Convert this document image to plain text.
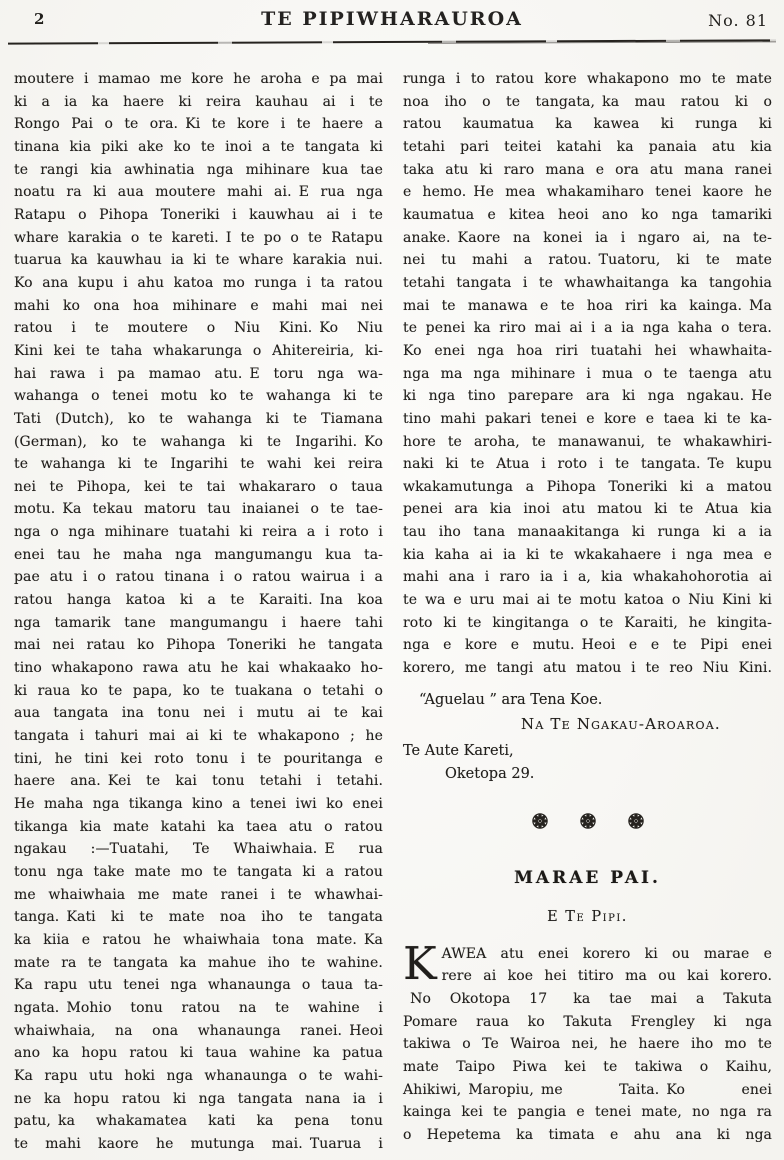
2	TE PIPIWHARAUROA	No. 81
moutere i mamao me kore he aroha e pa mai
ki a ia ka haere ki reira kauhau ai i te
Rongo Pai o te ora. Ki te kore i te haere a
tinana kia piki ake ko te inoi a te tangata ki
te rangi kia awhinatia nga mihinare kua tae
noatu ra ki aua moutere mahi ai. E rua nga
Ratapu o Pihopa Toneriki i kauwhau ai i te
whare karakia o te kareti. I te po o te Ratapu
tuarua ka kauwhau ia ki te whare karakia nui.
Ko ana kupu i ahu katoa mo runga i ta ratou
mahi ko ona hoa mihinare e mahi mai nei
ratou i te moutere o Niu Kini. Ko Niu
Kini kei te taha whakarunga o Ahitereiria, ki-
hai rawa i pa mamao atu. E toru nga wa-
wahanga o tenei motu ko te wahanga ki te
Tati (Dutch), ko te wahanga ki te Tiamana
(German), ko te wahanga ki te Ingarihi. Ko
te wahanga ki te Ingarihi te wahi kei reira
nei te Pihopa, kei te tai whakararo o taua
motu. Ka tekau matoru tau inaianei o te tae-
nga o nga mihinare tuatahi ki reira a i roto i
enei tau he maha nga mangumangu kua ta-
pae atu i o ratou tinana i o ratou wairua i a
ratou hanga katoa ki a te Karaiti. Ina koa
nga tamarik tane mangumangu i haere tahi
mai nei ratau ko Pihopa Toneriki he tangata
tino whakapono rawa atu he kai whakaako ho-
ki raua ko te papa, ko te tuakana o tetahi o
aua tangata ina tonu nei i mutu ai te kai
tangata i tahuri mai ai ki te whakapono ; he
tini, he tini kei roto tonu i te pouritanga e
haere ana. Kei te kai tonu tetahi i tetahi.
He maha nga tikanga kino a tenei iwi ko enei
tikanga kia mate katahi ka taea atu o ratou
ngakau :—Tuatahi, Te Whaiwhaia. E rua
tonu nga take mate mo te tangata ki a ratou
me whaiwhaia me mate ranei i te whawhai-
tanga. Kati ki te mate noa iho te tangata
ka kiia e ratou he whaiwhaia tona mate. Ka
mate ra te tangata ka mahue iho te wahine.
Ka rapu utu tenei nga whanaunga o taua ta-
ngata. Mohio tonu ratou na te wahine i
whaiwhaia, na ona whanaunga ranei. Heoi
ano ka hopu ratou ki taua wahine ka patua
Ka rapu utu hoki nga whanaunga o te wahi-
ne ka hopu ratou ki nga tangata nana ia i
patu, ka whakamatea kati ka pena tonu
te mahi kaore he mutunga mai. Tuarua i
runga i to ratou kore whakapono mo te mate
noa iho o te tangata, ka mau ratou ki o
ratou kaumatua ka kawea ki runga ki
tetahi pari teitei katahi ka panaia atu kia
taka atu ki raro mana e ora atu mana ranei
e hemo. He mea whakamiharo tenei kaore he
kaumatua e kitea heoi ano ko nga tamariki
anake. Kaore na konei ia i ngaro ai, na te-
nei tu mahi a ratou. Tuatoru, ki te mate
tetahi tangata i te whawhaitanga ka tangohia
mai te manawa e te hoa riri ka kainga. Ma
te penei ka riro mai ai i a ia nga kaha o tera.
Ko enei nga hoa riri tuatahi hei whawhaita-
nga ma nga mihinare i mua o te taenga atu
ki nga tino parepare ara ki nga ngakau. He
tino mahi pakari tenei e kore e taea ki te ka-
hore te aroha, te manawanui, te whakawhiri-
naki ki te Atua i roto i te tangata. Te kupu
wkakamutunga a Pihopa Toneriki ki a matou
penei ara kia inoi atu matou ki te Atua kia
tau iho tana manaakitanga ki runga ki a ia
kia kaha ai ia ki te wkakahaere i nga mea e
mahi ana i raro ia i a, kia whakahohorotia ai
te wa e uru mai ai te motu katoa o Niu Kini ki
roto ki te kingitanga o te Karaiti, he kingita-
nga e kore e mutu. Heoi e e te Pipi enei
korero, me tangi atu matou i te reo Niu Kini.
“Aguelau ” ara Tena Koe.
Na Te Ngakau-Aroaroa.
Te Aute Kareti,
Oketopa 29.
MARAE PAI.
E Te Pipi.
K AWEA atu enei korero ki ou marae e
rere ai koe hei titiro ma ou kai korero.
 No Okotopa 17  ka tae mai a Takuta
Pomare raua ko Takuta Frengley ki nga
takiwa o Te Wairoa nei, he haere iho mo te
mate Taipo Piwa kei te takiwa o Kaihu,
Ahikiwi, Maropiu, me Taita. Ko enei
kainga kei te pangia e tenei mate, no nga ra
o Hepetema ka timata e ahu ana ki nga
